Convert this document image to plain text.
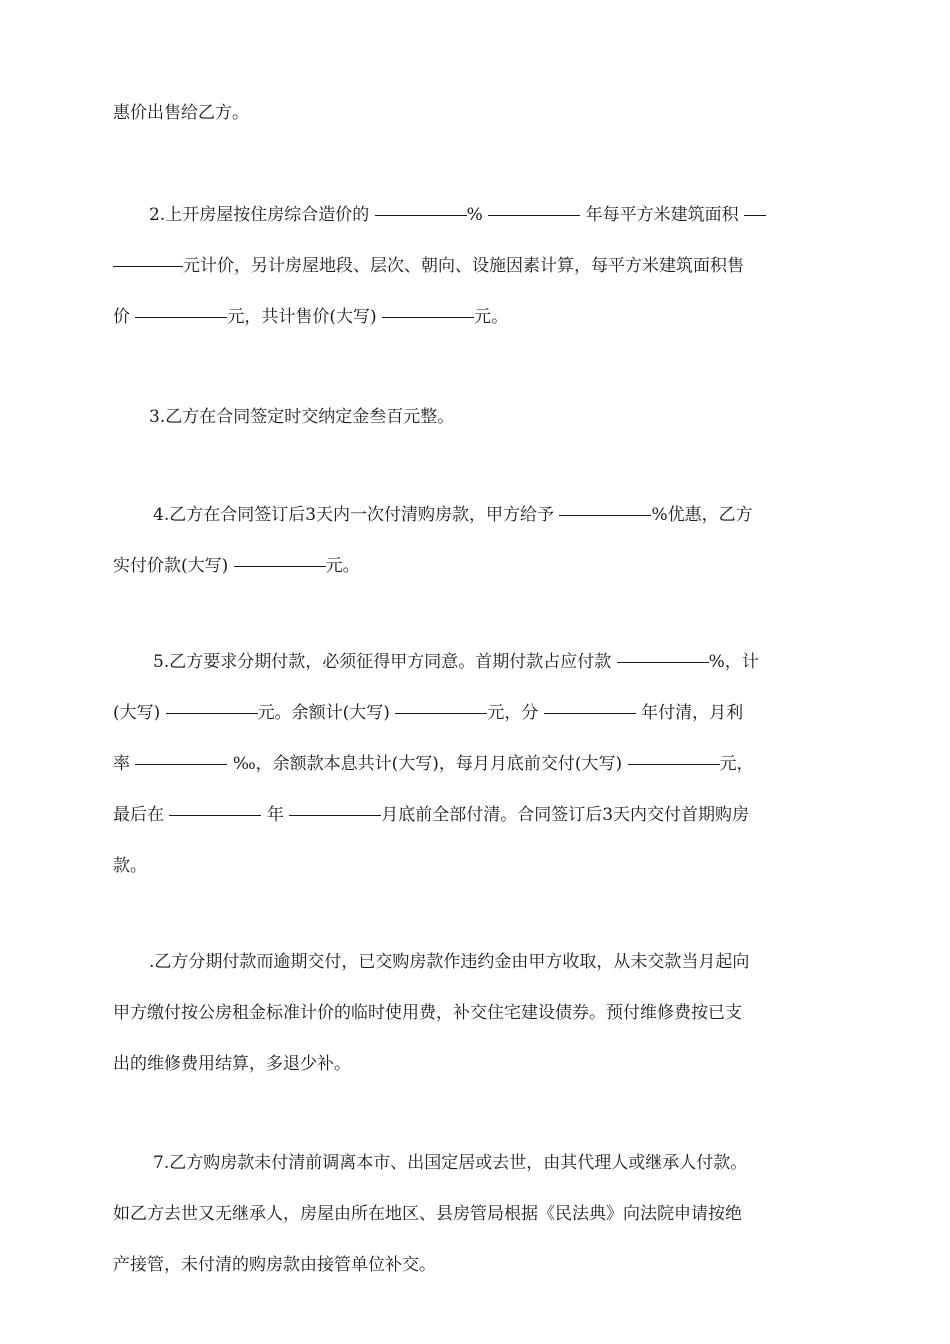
惠价出售给乙方。

2.上开房屋按住房综合造价的	%	年每平方米建筑面积
元计价，另计房屋地段、层次、朝向、设施因素计算，每平方米建筑面积售
价	元，共计售价(大写)	元。

3.乙方在合同签定时交纳定金叁百元整。

4.乙方在合同签订后3天内一次付清购房款，甲方给予	%优惠，乙方
实付价款(大写)	元。

5.乙方要求分期付款，必须征得甲方同意。首期付款占应付款	%，计
(大写)	元。余额计(大写)	元，分	年付清，月利
率	‰，余额款本息共计(大写)，每月月底前交付(大写)	元，
最后在	年	月底前全部付清。合同签订后3天内交付首期购房
款。

.乙方分期付款而逾期交付，已交购房款作违约金由甲方收取，从未交款当月起向
甲方缴付按公房租金标准计价的临时使用费，补交住宅建设债券。预付维修费按已支
出的维修费用结算，多退少补。

7.乙方购房款未付清前调离本市、出国定居或去世，由其代理人或继承人付款。
如乙方去世又无继承人，房屋由所在地区、县房管局根据《民法典》向法院申请按绝
产接管，未付清的购房款由接管单位补交。
